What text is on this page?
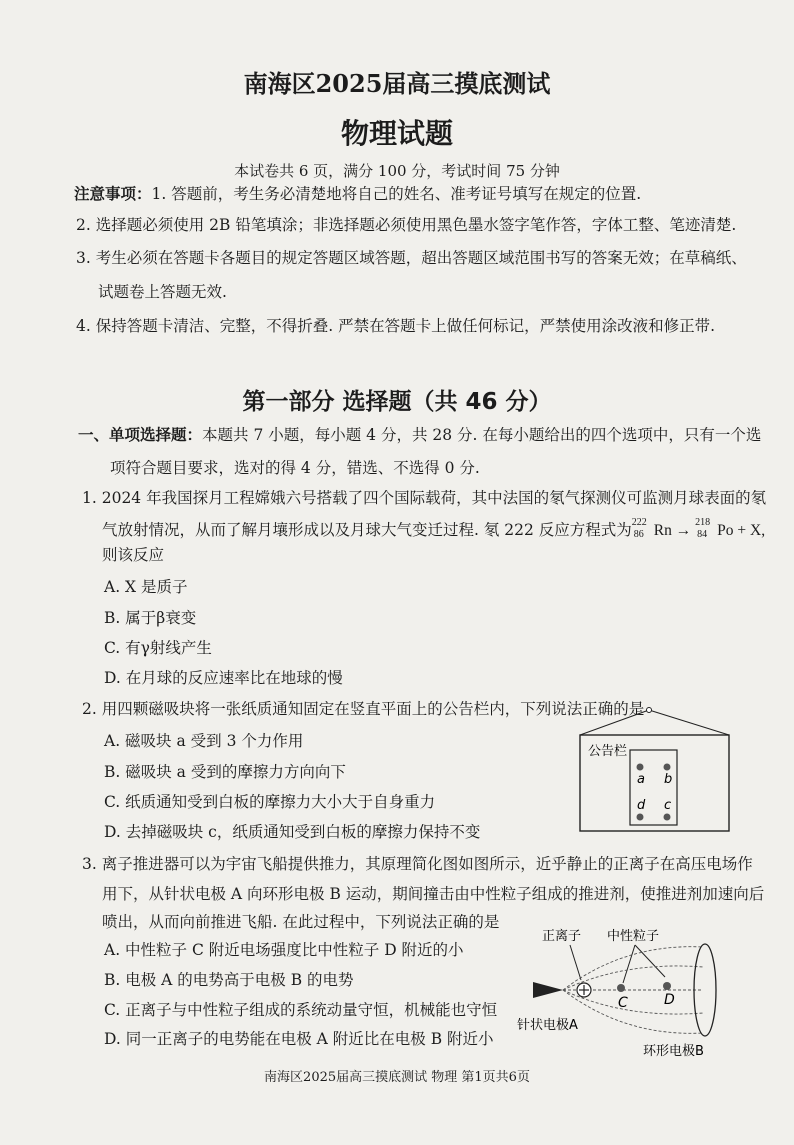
南海区2025届高三摸底测试
物理试题
本试卷共 6 页，满分 100 分，考试时间 75 分钟
注意事项：1. 答题前，考生务必清楚地将自己的姓名、准考证号填写在规定的位置.
2. 选择题必须使用 2B 铅笔填涂；非选择题必须使用黑色墨水签字笔作答，字体工整、笔迹清楚.
3. 考生必须在答题卡各题目的规定答题区域答题，超出答题区域范围书写的答案无效；在草稿纸、
试题卷上答题无效.
4. 保持答题卡清洁、完整，不得折叠. 严禁在答题卡上做任何标记，严禁使用涂改液和修正带.
第一部分 选择题（共 46 分）
一、单项选择题：本题共 7 小题，每小题 4 分，共 28 分. 在每小题给出的四个选项中，只有一个选
项符合题目要求，选对的得 4 分，错选、不选得 0 分.
1. 2024 年我国探月工程嫦娥六号搭载了四个国际载荷，其中法国的氡气探测仪可监测月球表面的氡
气放射情况，从而了解月壤形成以及月球大气变迁过程. 氡 222 反应方程式为 222
86 Rn → 218
84 Po + X,
则该反应
A. X 是质子
B. 属于β衰变
C. 有γ射线产生
D. 在月球的反应速率比在地球的慢
2. 用四颗磁吸块将一张纸质通知固定在竖直平面上的公告栏内，下列说法正确的是
A. 磁吸块 a 受到 3 个力作用
B. 磁吸块 a 受到的摩擦力方向向下
C. 纸质通知受到白板的摩擦力大小大于自身重力
D. 去掉磁吸块 c，纸质通知受到白板的摩擦力保持不变
公告栏
a b
d c
3. 离子推进器可以为宇宙飞船提供推力，其原理简化图如图所示，近乎静止的正离子在高压电场作
用下，从针状电极 A 向环形电极 B 运动，期间撞击由中性粒子组成的推进剂，使推进剂加速向后
喷出，从而向前推进飞船. 在此过程中，下列说法正确的是
A. 中性粒子 C 附近电场强度比中性粒子 D 附近的小
B. 电极 A 的电势高于电极 B 的电势
C. 正离子与中性粒子组成的系统动量守恒，机械能也守恒
D. 同一正离子的电势能在电极 A 附近比在电极 B 附近小
正离子 中性粒子
C	D
针状电极A
环形电极B
南海区2025届高三摸底测试 物理 第1页共6页
